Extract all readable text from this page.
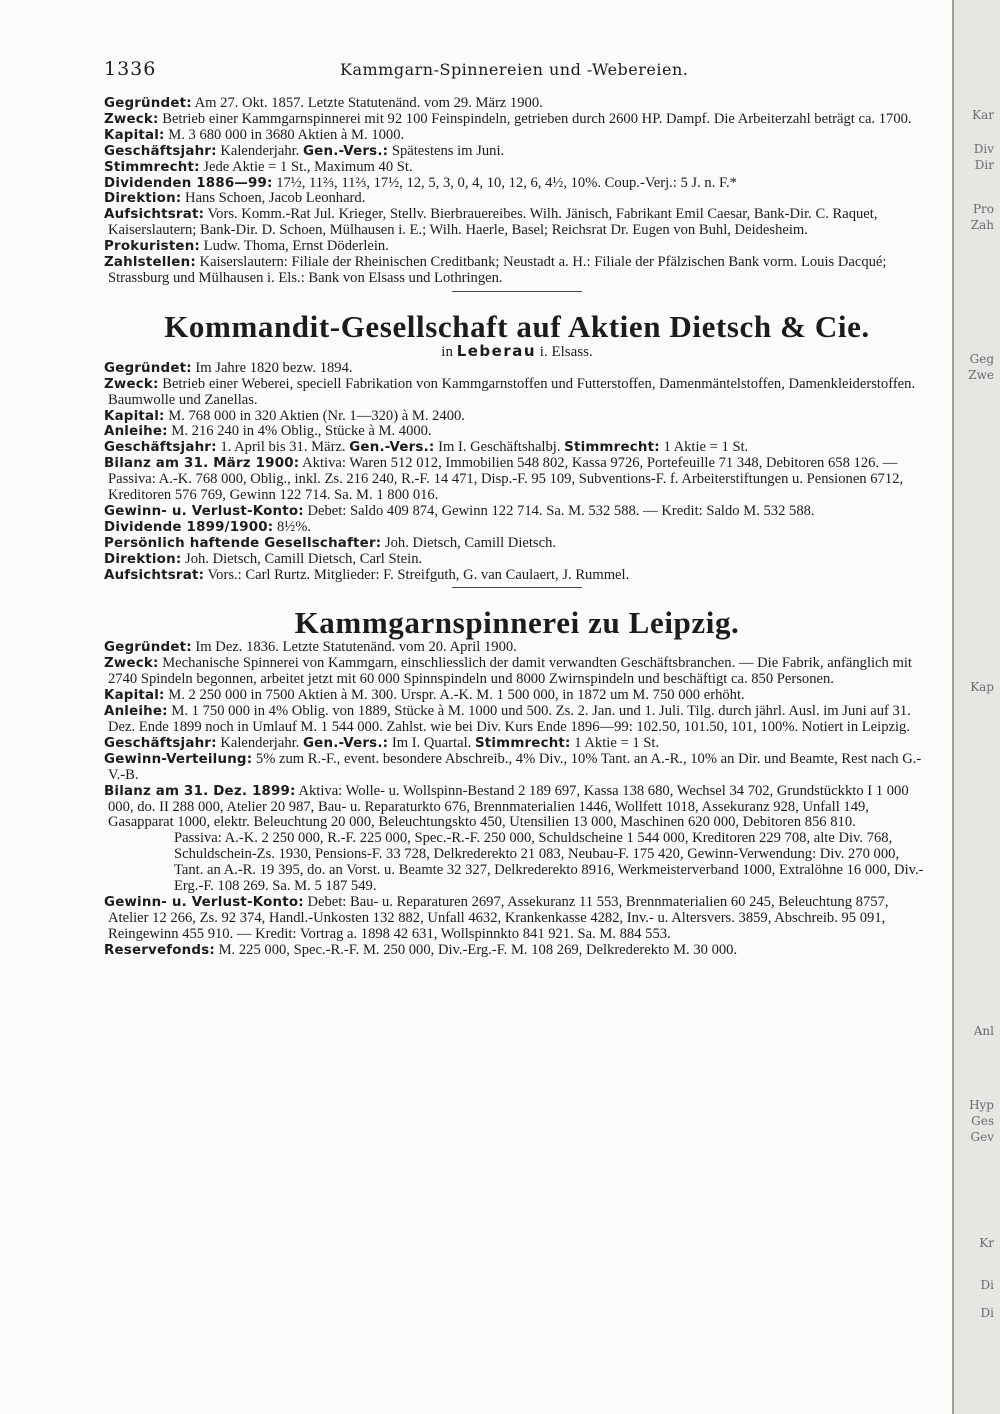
1336	Kammgarn-Spinnereien und -Webereien.

Gegründet: Am 27. Okt. 1857. Letzte Statutenänd. vom 29. März 1900.

Zweck: Betrieb einer Kammgarnspinnerei mit 92 100 Feinspindeln, getrieben durch 2600 HP. Dampf. Die Arbeiterzahl beträgt ca. 1700.

Kapital: M. 3 680 000 in 3680 Aktien à M. 1000.

Geschäftsjahr: Kalenderjahr. Gen.-Vers.: Spätestens im Juni.

Stimmrecht: Jede Aktie = 1 St., Maximum 40 St.

Dividenden 1886—99: 17½, 11⅔, 11⅔, 17½, 12, 5, 3, 0, 4, 10, 12, 6, 4½, 10%. Coup.-Verj.: 5 J. n. F.*

Direktion: Hans Schoen, Jacob Leonhard.

Aufsichtsrat: Vors. Komm.-Rat Jul. Krieger, Stellv. Bierbrauereibes. Wilh. Jänisch, Fabrikant Emil Caesar, Bank-Dir. C. Raquet, Kaiserslautern; Bank-Dir. D. Schoen, Mülhausen i. E.; Wilh. Haerle, Basel; Reichsrat Dr. Eugen von Buhl, Deidesheim.

Prokuristen: Ludw. Thoma, Ernst Döderlein.

Zahlstellen: Kaiserslautern: Filiale der Rheinischen Creditbank; Neustadt a. H.: Filiale der Pfälzischen Bank vorm. Louis Dacqué; Strassburg und Mülhausen i. Els.: Bank von Elsass und Lothringen.

Kommandit-Gesellschaft auf Aktien Dietsch & Cie.

in Leberau i. Elsass.

Gegründet: Im Jahre 1820 bezw. 1894.

Zweck: Betrieb einer Weberei, speciell Fabrikation von Kammgarnstoffen und Futterstoffen, Damenmäntelstoffen, Damenkleiderstoffen. Baumwolle und Zanellas.

Kapital: M. 768 000 in 320 Aktien (Nr. 1—320) à M. 2400.

Anleihe: M. 216 240 in 4% Oblig., Stücke à M. 4000.

Geschäftsjahr: 1. April bis 31. März. Gen.-Vers.: Im I. Geschäftshalbj. Stimmrecht: 1 Aktie = 1 St.

Bilanz am 31. März 1900: Aktiva: Waren 512 012, Immobilien 548 802, Kassa 9726, Portefeuille 71 348, Debitoren 658 126. — Passiva: A.-K. 768 000, Oblig., inkl. Zs. 216 240, R.-F. 14 471, Disp.-F. 95 109, Subventions-F. f. Arbeiterstiftungen u. Pensionen 6712, Kreditoren 576 769, Gewinn 122 714. Sa. M. 1 800 016.

Gewinn- u. Verlust-Konto: Debet: Saldo 409 874, Gewinn 122 714. Sa. M. 532 588. — Kredit: Saldo M. 532 588.

Dividende 1899/1900: 8½%.

Persönlich haftende Gesellschafter: Joh. Dietsch, Camill Dietsch.

Direktion: Joh. Dietsch, Camill Dietsch, Carl Stein.

Aufsichtsrat: Vors.: Carl Rurtz. Mitglieder: F. Streifguth, G. van Caulaert, J. Rummel.

Kammgarnspinnerei zu Leipzig.

Gegründet: Im Dez. 1836. Letzte Statutenänd. vom 20. April 1900.

Zweck: Mechanische Spinnerei von Kammgarn, einschliesslich der damit verwandten Geschäftsbranchen. — Die Fabrik, anfänglich mit 2740 Spindeln begonnen, arbeitet jetzt mit 60 000 Spinnspindeln und 8000 Zwirnspindeln und beschäftigt ca. 850 Personen.

Kapital: M. 2 250 000 in 7500 Aktien à M. 300. Urspr. A.-K. M. 1 500 000, in 1872 um M. 750 000 erhöht.

Anleihe: M. 1 750 000 in 4% Oblig. von 1889, Stücke à M. 1000 und 500. Zs. 2. Jan. und 1. Juli. Tilg. durch jährl. Ausl. im Juni auf 31. Dez. Ende 1899 noch in Umlauf M. 1 544 000. Zahlst. wie bei Div. Kurs Ende 1896—99: 102.50, 101.50, 101, 100%. Notiert in Leipzig.

Geschäftsjahr: Kalenderjahr. Gen.-Vers.: Im I. Quartal. Stimmrecht: 1 Aktie = 1 St.

Gewinn-Verteilung: 5% zum R.-F., event. besondere Abschreib., 4% Div., 10% Tant. an A.-R., 10% an Dir. und Beamte, Rest nach G.-V.-B.

Bilanz am 31. Dez. 1899: Aktiva: Wolle- u. Wollspinn-Bestand 2 189 697, Kassa 138 680, Wechsel 34 702, Grundstückkto I 1 000 000, do. II 288 000, Atelier 20 987, Bau- u. Reparaturkto 676, Brennmaterialien 1446, Wollfett 1018, Assekuranz 928, Unfall 149, Gasapparat 1000, elektr. Beleuchtung 20 000, Beleuchtungskto 450, Utensilien 13 000, Maschinen 620 000, Debitoren 856 810.

Passiva: A.-K. 2 250 000, R.-F. 225 000, Spec.-R.-F. 250 000, Schuldscheine 1 544 000, Kreditoren 229 708, alte Div. 768, Schuldschein-Zs. 1930, Pensions-F. 33 728, Delkrederekto 21 083, Neubau-F. 175 420, Gewinn-Verwendung: Div. 270 000, Tant. an A.-R. 19 395, do. an Vorst. u. Beamte 32 327, Delkrederekto 8916, Werkmeisterverband 1000, Extralöhne 16 000, Div.-Erg.-F. 108 269. Sa. M. 5 187 549.

Gewinn- u. Verlust-Konto: Debet: Bau- u. Reparaturen 2697, Assekuranz 11 553, Brennmaterialien 60 245, Beleuchtung 8757, Atelier 12 266, Zs. 92 374, Handl.-Unkosten 132 882, Unfall 4632, Krankenkasse 4282, Inv.- u. Altersvers. 3859, Abschreib. 95 091, Reingewinn 455 910. — Kredit: Vortrag a. 1898 42 631, Wollspinnkto 841 921. Sa. M. 884 553.

Reservefonds: M. 225 000, Spec.-R.-F. M. 250 000, Div.-Erg.-F. M. 108 269, Delkrederekto M. 30 000.

Kar
Div
Dir
Pro
Zah
Geg
Zwe
Kap
Anl
Hyp
Ges
Gev
Kr
Di
Di
